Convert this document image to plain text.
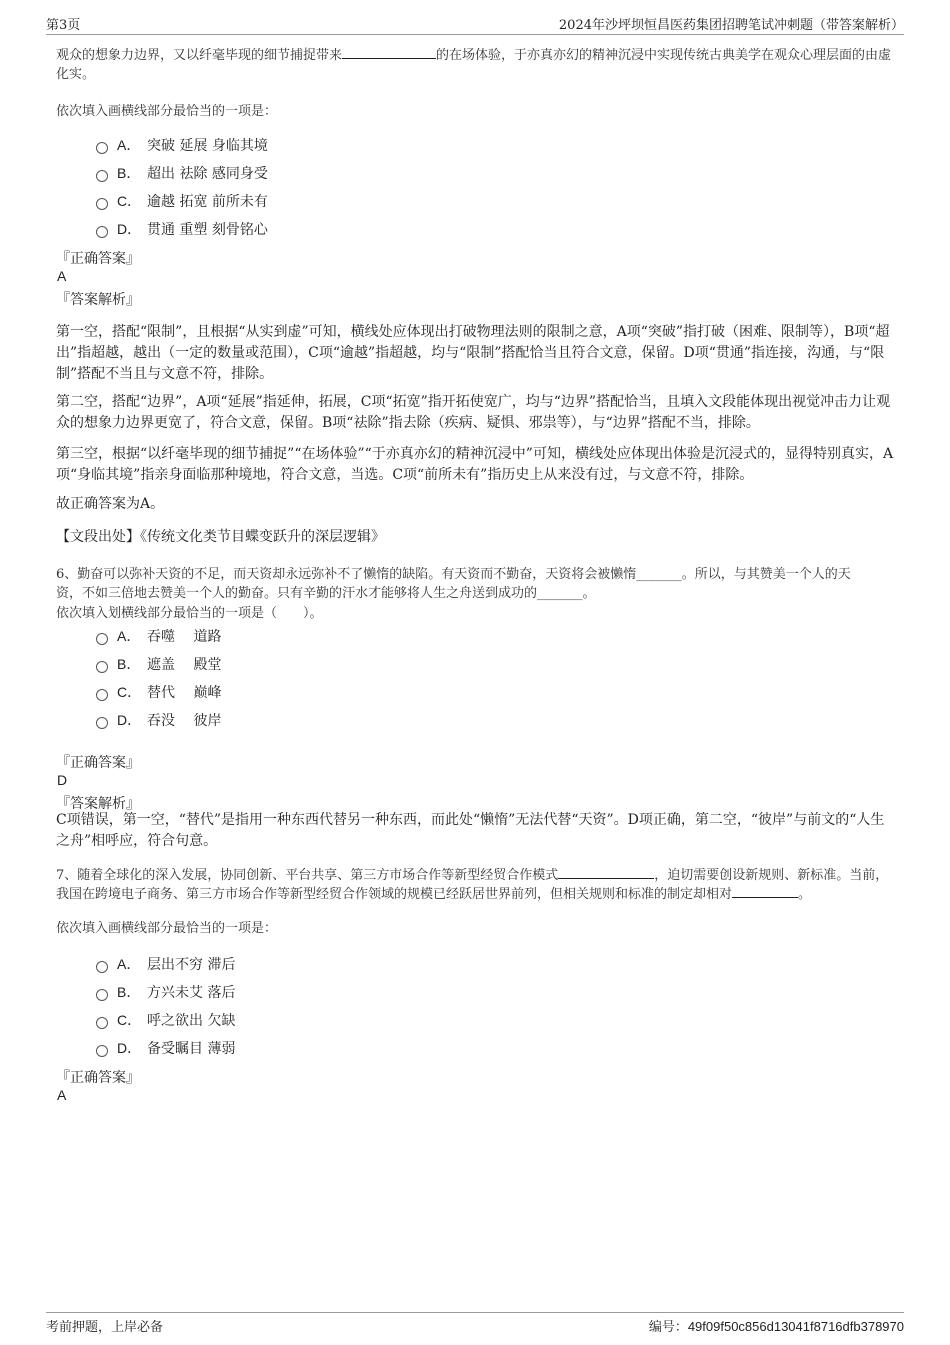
第3页	2024年沙坪坝恒昌医药集团招聘笔试冲刺题（带答案解析）
观众的想象力边界，又以纤毫毕现的细节捕捉带来	的在场体验，于亦真亦幻的精神沉浸中实现传统古典美学在观众心理层面的由虚化实。
依次填入画横线部分最恰当的一项是：
A． 突破 延展 身临其境
B． 超出 祛除 感同身受
C． 逾越 拓宽 前所未有
D． 贯通 重塑 刻骨铭心
『正确答案』
A
『答案解析』
第一空，搭配“限制”，且根据“从实到虚”可知，横线处应体现出打破物理法则的限制之意，A项“突破”指打破（困难、限制等），B项“超出”指超越，越出（一定的数量或范围），C项“逾越”指超越，均与“限制”搭配恰当且符合文意，保留。D项“贯通”指连接，沟通，与“限制”搭配不当且与文意不符，排除。
第二空，搭配“边界”，A项“延展”指延伸，拓展，C项“拓宽”指开拓使宽广，均与“边界”搭配恰当，且填入文段能体现出视觉冲击力让观众的想象力边界更宽了，符合文意，保留。B项“祛除”指去除（疾病、疑惧、邪祟等），与“边界”搭配不当，排除。
第三空，根据“以纤毫毕现的细节捕捉”“在场体验”“于亦真亦幻的精神沉浸中”可知，横线处应体现出体验是沉浸式的，显得特别真实，A项“身临其境”指亲身面临那种境地，符合文意，当选。C项“前所未有”指历史上从来没有过，与文意不符，排除。
故正确答案为A。
【文段出处】《传统文化类节目蝶变跃升的深层逻辑》
6、勤奋可以弥补天资的不足，而天资却永远弥补不了懒惰的缺陷。有天资而不勤奋，天资将会被懒惰_______。所以，与其赞美一个人的天
资，不如三倍地去赞美一个人的勤奋。只有辛勤的汗水才能够将人生之舟送到成功的_______。
依次填入划横线部分最恰当的一项是（　　）。
A． 吞噬　 道路
B． 遮盖　 殿堂
C． 替代　 巅峰
D． 吞没　 彼岸
『正确答案』
D
『答案解析』
C项错误，第一空，“替代”是指用一种东西代替另一种东西，而此处“懒惰”无法代替“天资”。D项正确，第二空，“彼岸”与前文的“人生之舟”相呼应，符合句意。
7、随着全球化的深入发展，协同创新、平台共享、第三方市场合作等新型经贸合作模式	，迫切需要创设新规则、新标准。当前，我国在跨境电子商务、第三方市场合作等新型经贸合作领域的规模已经跃居世界前列，但相关规则和标准的制定却相对	。
依次填入画横线部分最恰当的一项是：
A． 层出不穷 滞后
B． 方兴未艾 落后
C． 呼之欲出 欠缺
D． 备受瞩目 薄弱
『正确答案』
A
考前押题，上岸必备	编号：49f09f50c856d13041f8716dfb378970
